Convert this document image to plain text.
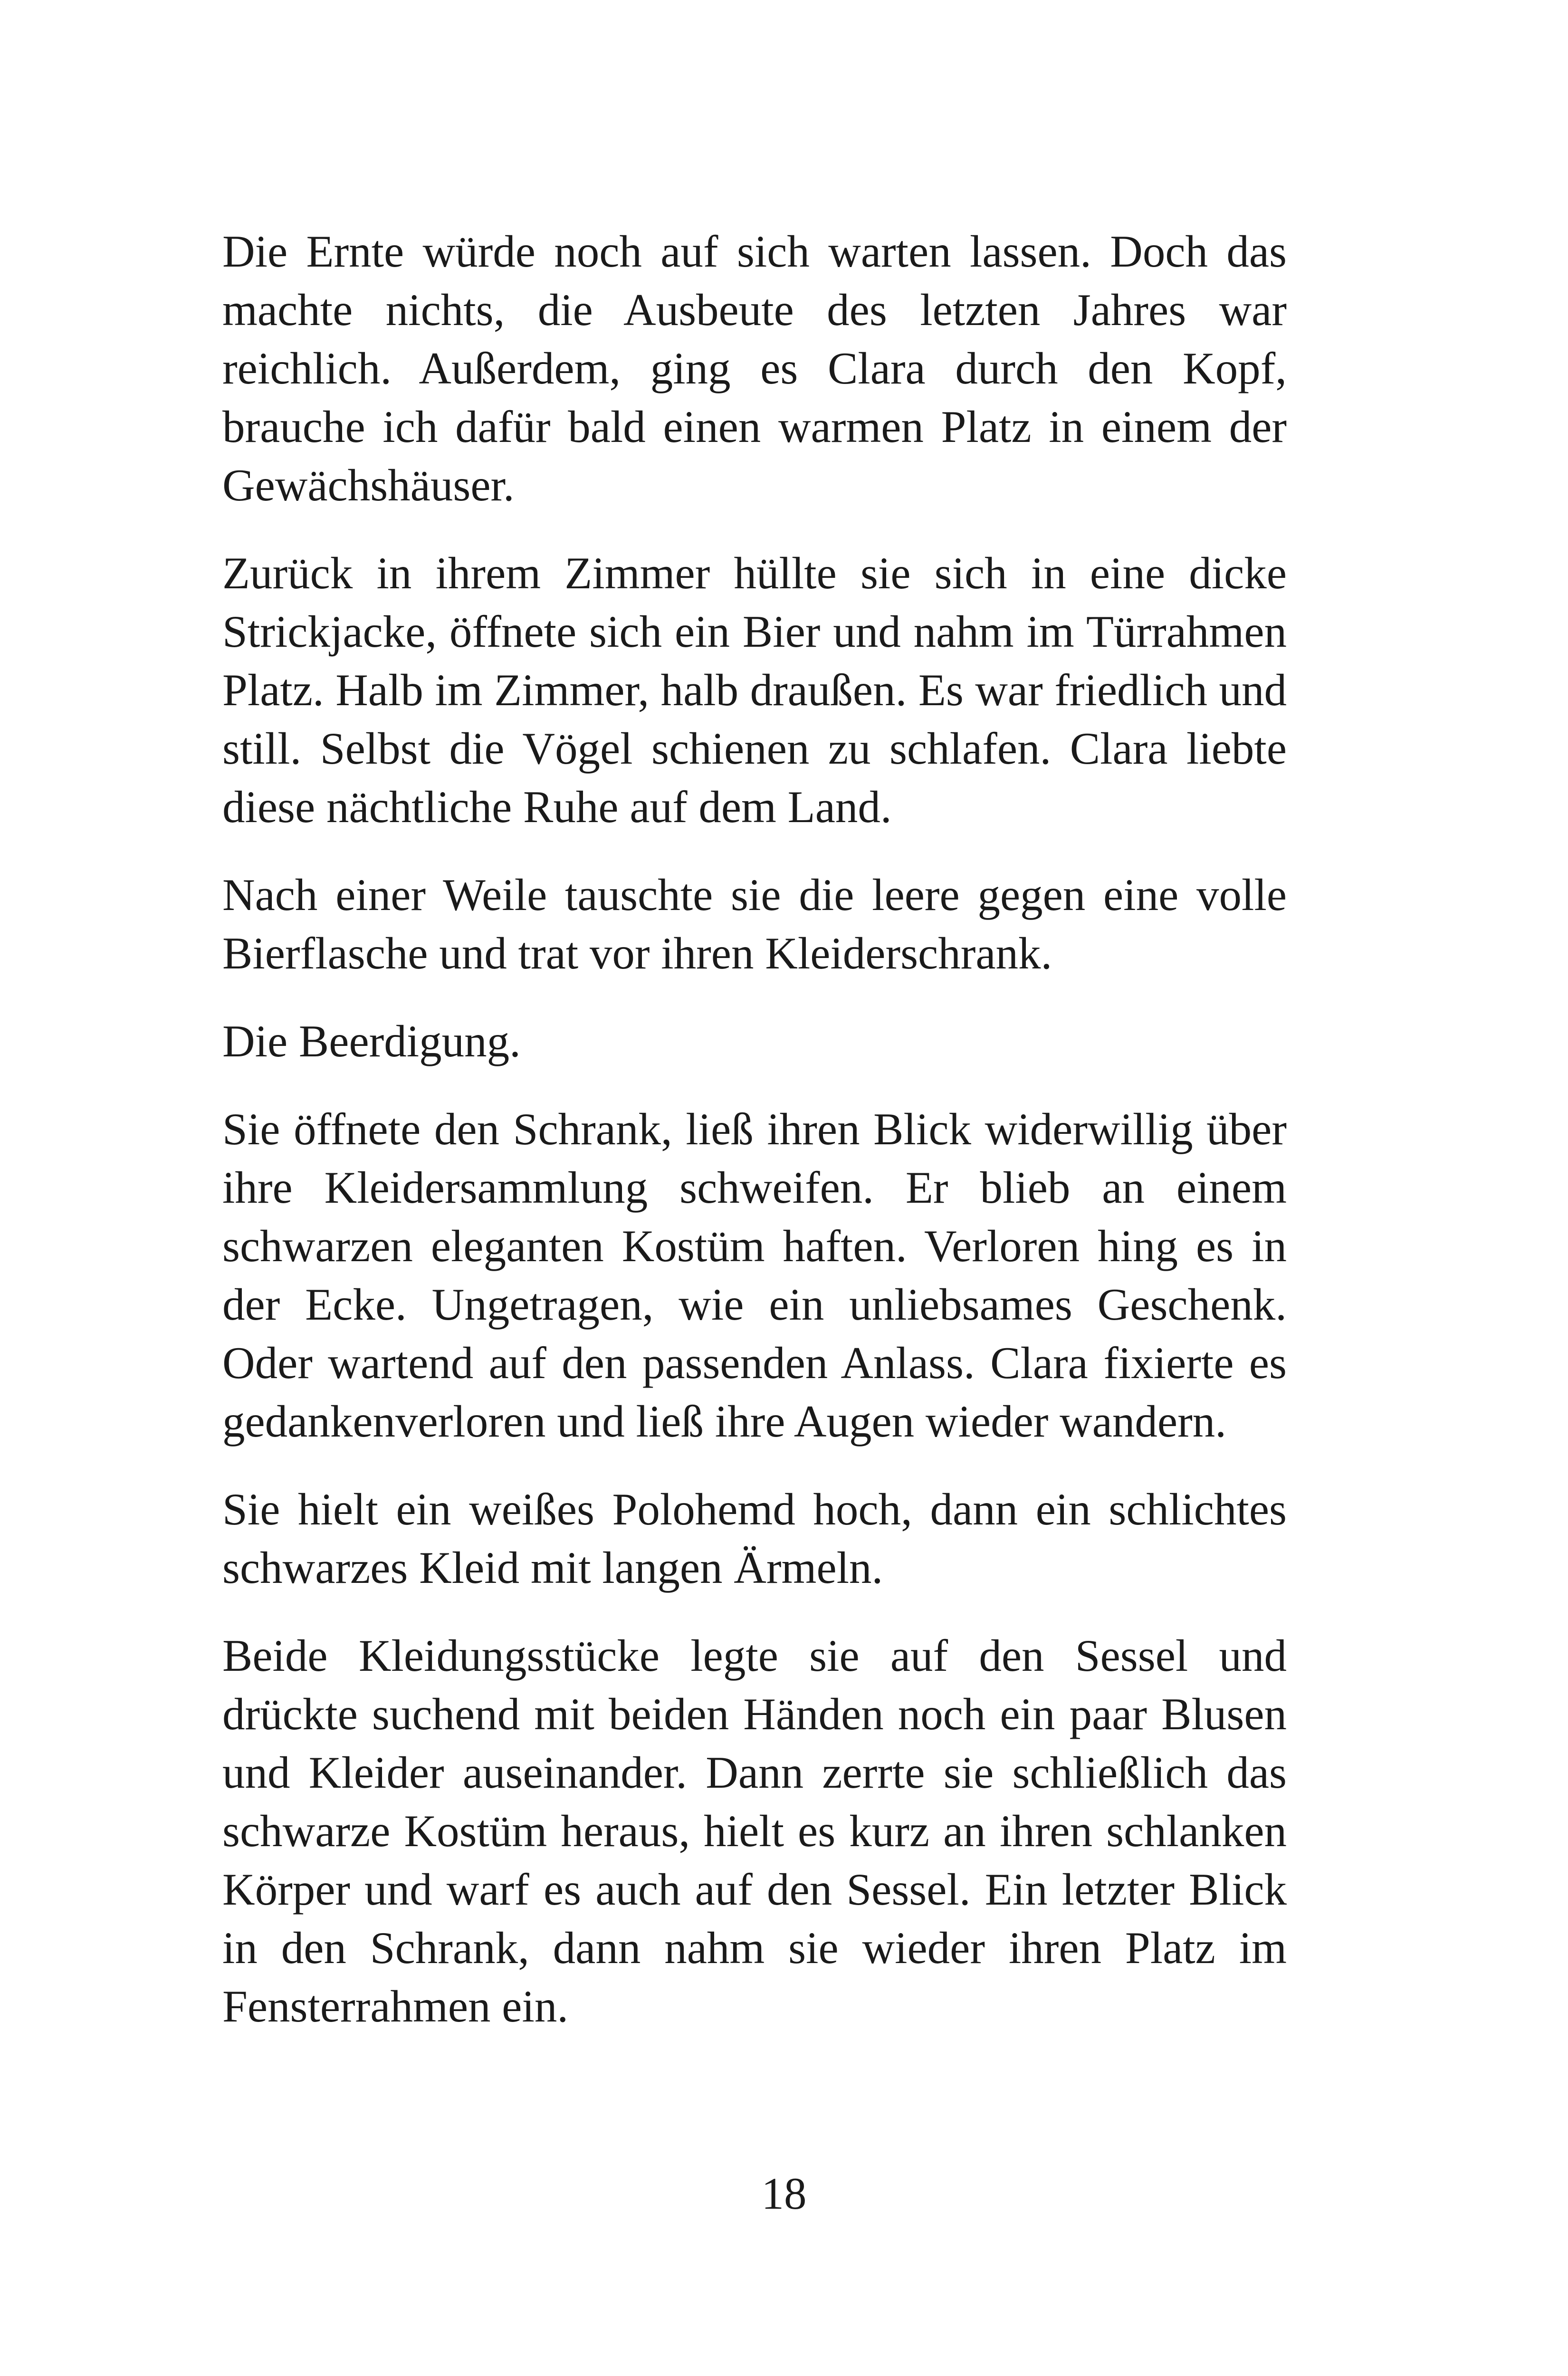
Die Ernte würde noch auf sich warten lassen. Doch das machte nichts, die Ausbeute des letzten Jahres war reichlich. Außerdem, ging es Clara durch den Kopf, brauche ich dafür bald einen warmen Platz in einem der Gewächshäuser.

Zurück in ihrem Zimmer hüllte sie sich in eine dicke Strickjacke, öffnete sich ein Bier und nahm im Türrahmen Platz. Halb im Zimmer, halb draußen. Es war friedlich und still. Selbst die Vögel schienen zu schlafen. Clara liebte diese nächtliche Ruhe auf dem Land.

Nach einer Weile tauschte sie die leere gegen eine volle Bierflasche und trat vor ihren Kleiderschrank.

Die Beerdigung.

Sie öffnete den Schrank, ließ ihren Blick widerwillig über ihre Kleidersammlung schweifen. Er blieb an einem schwarzen eleganten Kostüm haften. Verloren hing es in der Ecke. Ungetragen, wie ein unliebsames Geschenk. Oder wartend auf den passenden Anlass. Clara fixierte es gedankenverloren und ließ ihre Augen wieder wandern.

Sie hielt ein weißes Polohemd hoch, dann ein schlichtes schwarzes Kleid mit langen Ärmeln.

Beide Kleidungsstücke legte sie auf den Sessel und drückte suchend mit beiden Händen noch ein paar Blusen und Kleider auseinander. Dann zerrte sie schließlich das schwarze Kostüm heraus, hielt es kurz an ihren schlanken Körper und warf es auch auf den Sessel. Ein letzter Blick in den Schrank, dann nahm sie wieder ihren Platz im Fensterrahmen ein.

18
